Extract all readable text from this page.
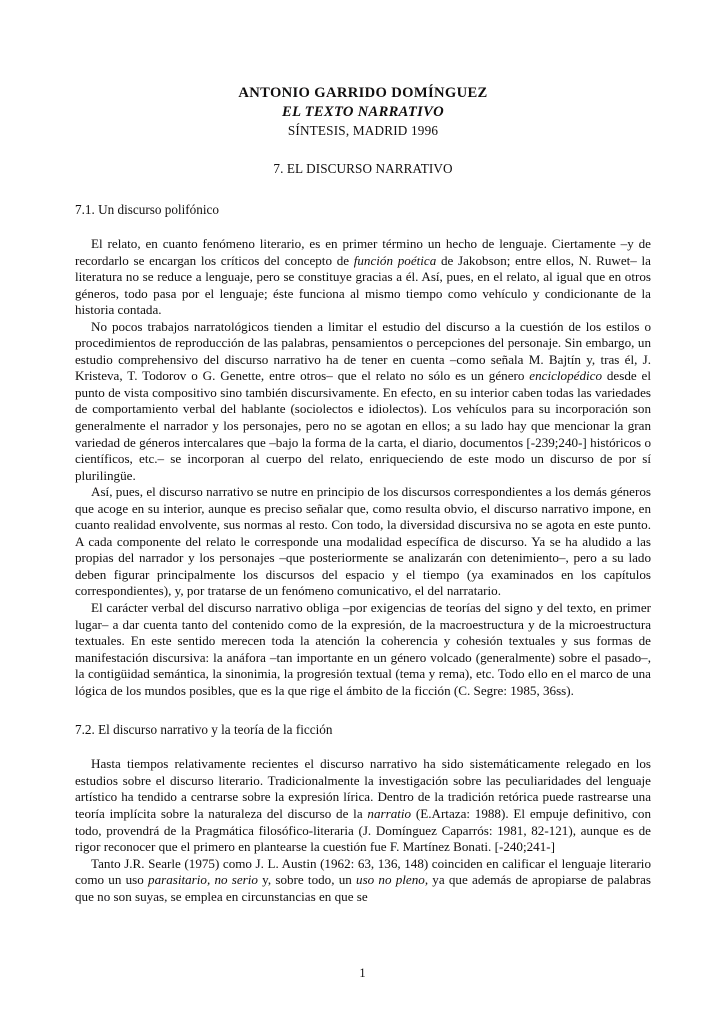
ANTONIO GARRIDO DOMÍNGUEZ
EL TEXTO NARRATIVO
SÍNTESIS, MADRID 1996
7. EL DISCURSO NARRATIVO
7.1. Un discurso polifónico

El relato, en cuanto fenómeno literario, es en primer término un hecho de lenguaje. Ciertamente –y de recordarlo se encargan los críticos del concepto de función poética de Jakobson; entre ellos, N. Ruwet– la literatura no se reduce a lenguaje, pero se constituye gracias a él. Así, pues, en el relato, al igual que en otros géneros, todo pasa por el lenguaje; éste funciona al mismo tiempo como vehículo y condicionante de la historia contada.

No pocos trabajos narratológicos tienden a limitar el estudio del discurso a la cuestión de los estilos o procedimientos de reproducción de las palabras, pensamientos o percepciones del personaje. Sin embargo, un estudio comprehensivo del discurso narrativo ha de tener en cuenta –como señala M. Bajtín y, tras él, J. Kristeva, T. Todorov o G. Genette, entre otros– que el relato no sólo es un género enciclopédico desde el punto de vista compositivo sino también discursivamente. En efecto, en su interior caben todas las variedades de comportamiento verbal del hablante (sociolectos e idiolectos). Los vehículos para su incorporación son generalmente el narrador y los personajes, pero no se agotan en ellos; a su lado hay que mencionar la gran variedad de géneros intercalares que –bajo la forma de la carta, el diario, documentos [-239;240-] históricos o científicos, etc.– se incorporan al cuerpo del relato, enriqueciendo de este modo un discurso de por sí plurilingüe.

Así, pues, el discurso narrativo se nutre en principio de los discursos correspondientes a los demás géneros que acoge en su interior, aunque es preciso señalar que, como resulta obvio, el discurso narrativo impone, en cuanto realidad envolvente, sus normas al resto. Con todo, la diversidad discursiva no se agota en este punto. A cada componente del relato le corresponde una modalidad específica de discurso. Ya se ha aludido a las propias del narrador y los personajes –que posteriormente se analizarán con detenimiento–, pero a su lado deben figurar principalmente los discursos del espacio y el tiempo (ya examinados en los capítulos correspondientes), y, por tratarse de un fenómeno comunicativo, el del narratario.

El carácter verbal del discurso narrativo obliga –por exigencias de teorías del signo y del texto, en primer lugar– a dar cuenta tanto del contenido como de la expresión, de la macroestructura y de la microestructura textuales. En este sentido merecen toda la atención la coherencia y cohesión textuales y sus formas de manifestación discursiva: la anáfora –tan importante en un género volcado (generalmente) sobre el pasado–, la contigüidad semántica, la sinonimia, la progresión textual (tema y rema), etc. Todo ello en el marco de una lógica de los mundos posibles, que es la que rige el ámbito de la ficción (C. Segre: 1985, 36ss).

7.2. El discurso narrativo y la teoría de la ficción

Hasta tiempos relativamente recientes el discurso narrativo ha sido sistemáticamente relegado en los estudios sobre el discurso literario. Tradicionalmente la investigación sobre las peculiaridades del lenguaje artístico ha tendido a centrarse sobre la expresión lírica. Dentro de la tradición retórica puede rastrearse una teoría implícita sobre la naturaleza del discurso de la narratio (E.Artaza: 1988). El empuje definitivo, con todo, provendrá de la Pragmática filosófico-literaria (J. Domínguez Caparrós: 1981, 82-121), aunque es de rigor reconocer que el primero en plantearse la cuestión fue F. Martínez Bonati. [-240;241-]

Tanto J.R. Searle (1975) como J. L. Austin (1962: 63, 136, 148) coinciden en calificar el lenguaje literario como un uso parasitario, no serio y, sobre todo, un uso no pleno, ya que además de apropiarse de palabras que no son suyas, se emplea en circunstancias en que se

1
